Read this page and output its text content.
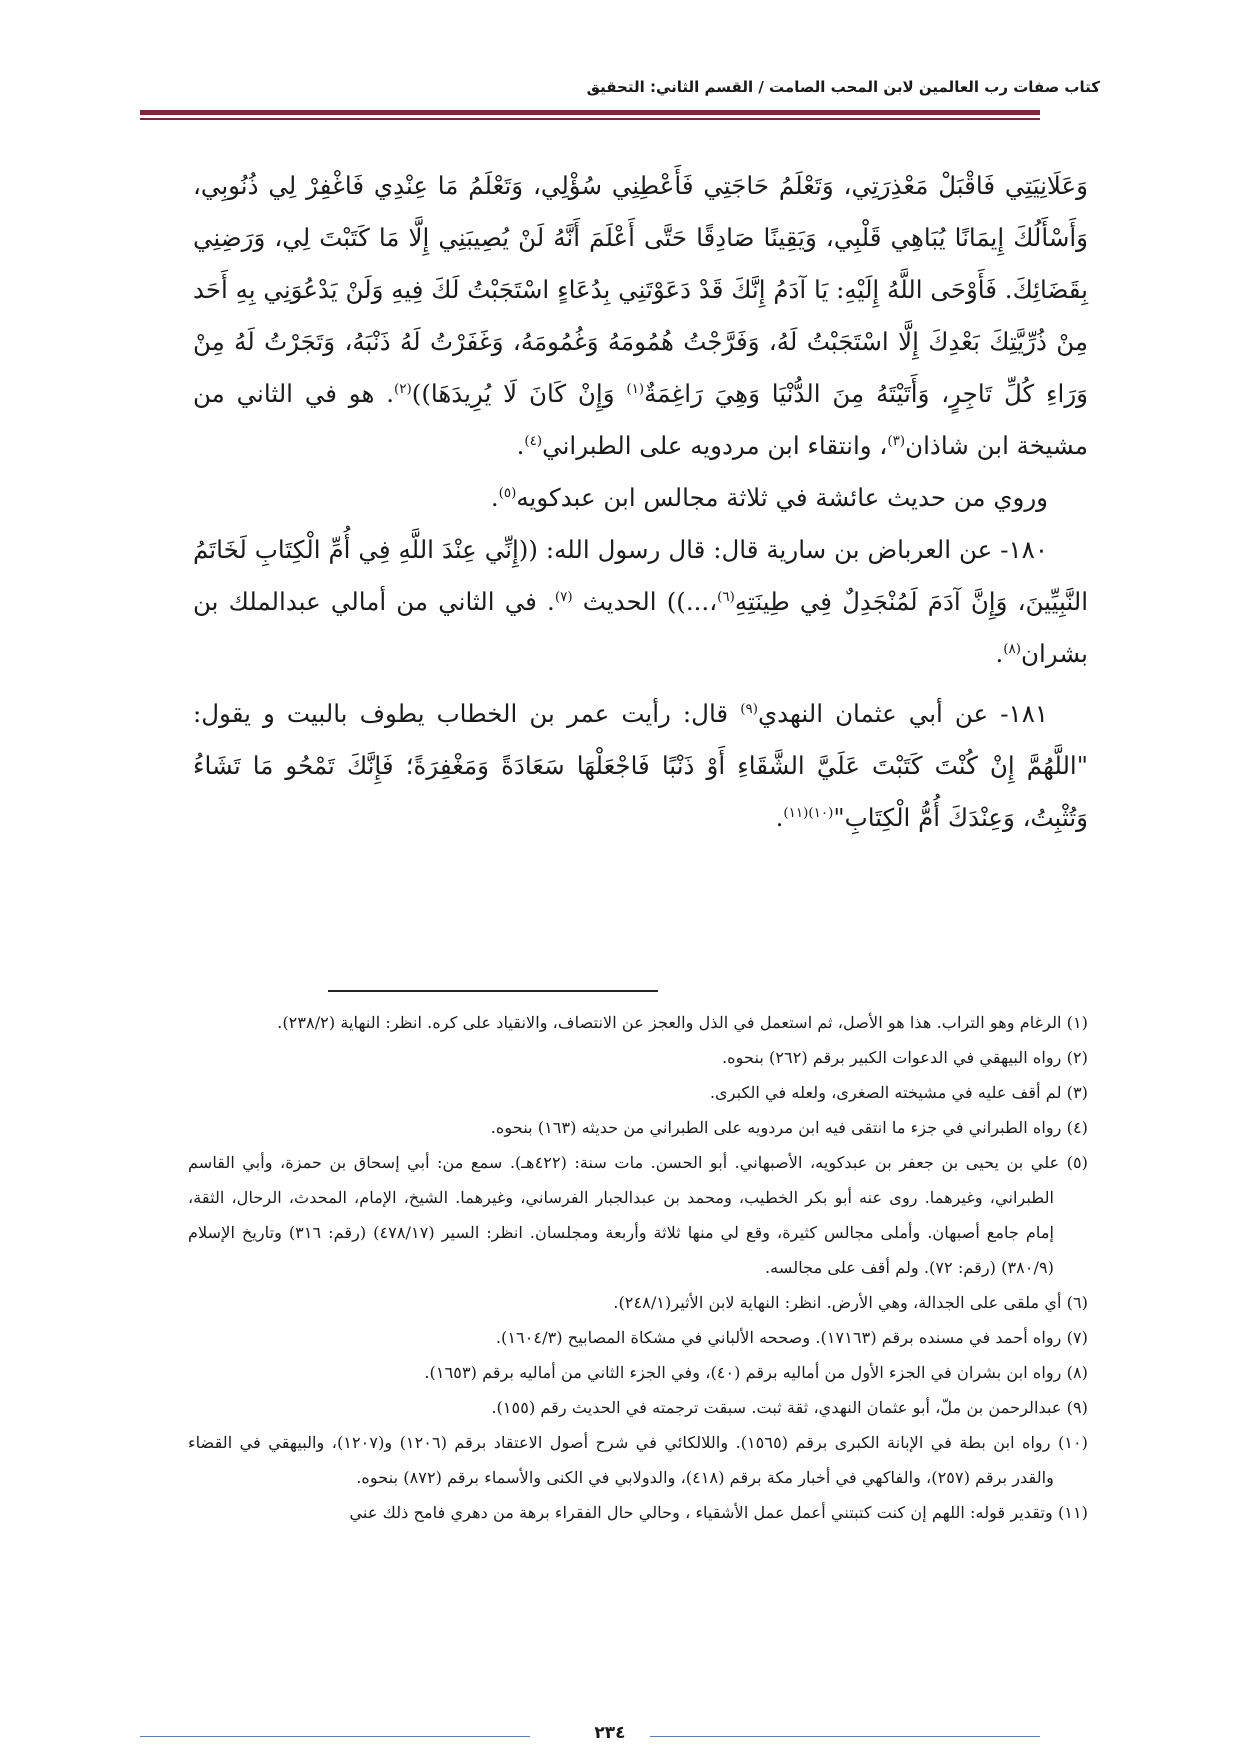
كتاب صفات رب العالمين لابن المحب الصامت / القسم الثاني: التحقيق

وَعَلَانِيَتِي فَاقْبَلْ مَعْذِرَتِي، وَتَعْلَمُ حَاجَتِي فَأَعْطِنِي سُؤْلِي، وَتَعْلَمُ مَا عِنْدِي فَاغْفِرْ لِي ذُنُوبِي، وَأَسْأَلُكَ إِيمَانًا يُبَاهِي قَلْبِي، وَيَقِينًا صَادِقًا حَتَّى أَعْلَمَ أَنَّهُ لَنْ يُصِيبَنِي إِلَّا مَا كَتَبْتَ لِي، وَرَضِنِي بِقَضَائِكَ. فَأَوْحَى اللَّهُ إِلَيْهِ: يَا آدَمُ إِنَّكَ قَدْ دَعَوْتَنِي بِدُعَاءٍ اسْتَجَبْتُ لَكَ فِيهِ وَلَنْ يَدْعُوَنِي بِهِ أَحَد مِنْ ذُرِّيَّتِكَ بَعْدِكَ إِلَّا اسْتَجَبْتُ لَهُ، وَفَرَّجْتُ هُمُومَهُ وَغُمُومَهُ، وَغَفَرْتُ لَهُ ذَنْبَهُ، وَتَجَرْتُ لَهُ مِنْ وَرَاءِ كُلِّ تَاجِرٍ، وَأَتَيْتَهُ مِنَ الدُّنْيَا وَهِيَ رَاغِمَةٌ$^{(١)}$ وَإِنْ كَانَ لَا يُرِيدَهَا))$^{(٢)}$. هو في الثاني من مشيخة ابن شاذان$^{(٣)}$، وانتقاء ابن مردويه على الطبراني$^{(٤)}$.

وروي من حديث عائشة في ثلاثة مجالس ابن عبدكويه$^{(٥)}$.

١٨٠- عن العرباض بن سارية قال: قال رسول الله: ((إِنِّي عِنْدَ اللَّهِ فِي أُمِّ الْكِتَابِ لَخَاتَمُ النَّبِيِّينَ، وَإِنَّ آدَمَ لَمُنْجَدِلٌ فِي طِينَتِهِ$^{(٦)}$،...)) الحديث $^{(٧)}$. في الثاني من أمالي عبدالملك بن بشران$^{(٨)}$.

١٨١- عن أبي عثمان النهدي$^{(٩)}$ قال: رأيت عمر بن الخطاب يطوف بالبيت و يقول: "اللَّهُمَّ إِنْ كُنْتَ كَتَبْتَ عَلَيَّ الشَّقَاءِ أَوْ ذَنْبًا فَاجْعَلْهَا سَعَادَةً وَمَغْفِرَةً؛ فَإِنَّكَ تَمْحُو مَا تَشَاءُ وَتُثْبِتُ، وَعِنْدَكَ أُمُّ الْكِتَابِ"$^{(١٠)(١١)}$.

(١) الرغام وهو التراب. هذا هو الأصل، ثم استعمل في الذل والعجز عن الانتصاف، والانقياد على كره. انظر: النهاية (٢٣٨/٢).

(٢) رواه البيهقي في الدعوات الكبير برقم (٢٦٢) بنحوه.

(٣) لم أقف عليه في مشيخته الصغرى، ولعله في الكبرى.

(٤) رواه الطبراني في جزء ما انتقى فيه ابن مردويه على الطبراني من حديثه (١٦٣) بنحوه.

(٥) علي بن يحيى بن جعفر بن عبدكويه، الأصبهاني. أبو الحسن. مات سنة: (٤٢٢هـ). سمع من: أبي إسحاق بن حمزة، وأبي القاسم الطبراني، وغيرهما. روى عنه أبو بكر الخطيب، ومحمد بن عبدالجبار الفرساني، وغيرهما. الشيخ، الإمام، المحدث، الرحال، الثقة، إمام جامع أصبهان. وأملى مجالس كثيرة، وقع لي منها ثلاثة وأربعة ومجلسان. انظر: السير (٤٧٨/١٧) (رقم: ٣١٦) وتاريخ الإسلام (٣٨٠/٩) (رقم: ٧٢). ولم أقف على مجالسه.

(٦) أي ملقى على الجدالة، وهي الأرض. انظر: النهاية لابن الأثير(٢٤٨/١).

(٧) رواه أحمد في مسنده برقم (١٧١٦٣). وصححه الألباني في مشكاة المصابيح (١٦٠٤/٣).

(٨) رواه ابن بشران في الجزء الأول من أماليه برقم (٤٠)، وفي الجزء الثاني من أماليه برقم (١٦٥٣).

(٩) عبدالرحمن بن ملّ، أبو عثمان النهدي، ثقة ثبت. سبقت ترجمته في الحديث رقم (١٥٥).

(١٠) رواه ابن بطة في الإبانة الكبرى برقم (١٥٦٥). واللالكائي في شرح أصول الاعتقاد برقم (١٢٠٦) و(١٢٠٧)، والبيهقي في القضاء والقدر برقم (٢٥٧)، والفاكهي في أخبار مكة برقم (٤١٨)، والدولابي في الكنى والأسماء برقم (٨٧٢) بنحوه.

(١١) وتقدير قوله: اللهم إن كنت كتبتني أعمل عمل الأشقياء ، وحالي حال الفقراء برهة من دهري فامح ذلك عني

٢٣٤
